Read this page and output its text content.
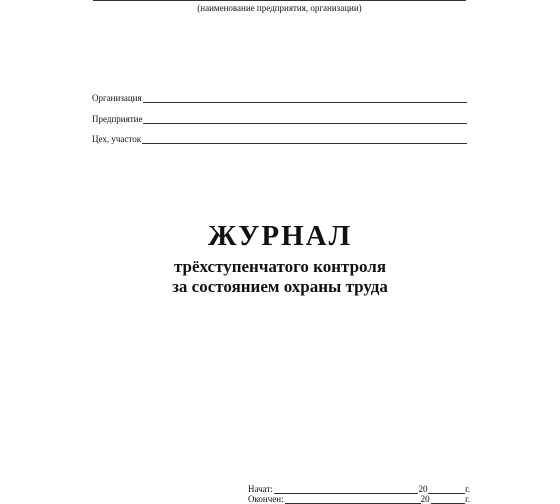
(наименование предприятия, организации)
Организация
Предприятие
Цех, участок
ЖУРНАЛ
трёхступенчатого контроля
за состоянием охраны труда
Начат:	20	г.
Окончен:	20	г.
